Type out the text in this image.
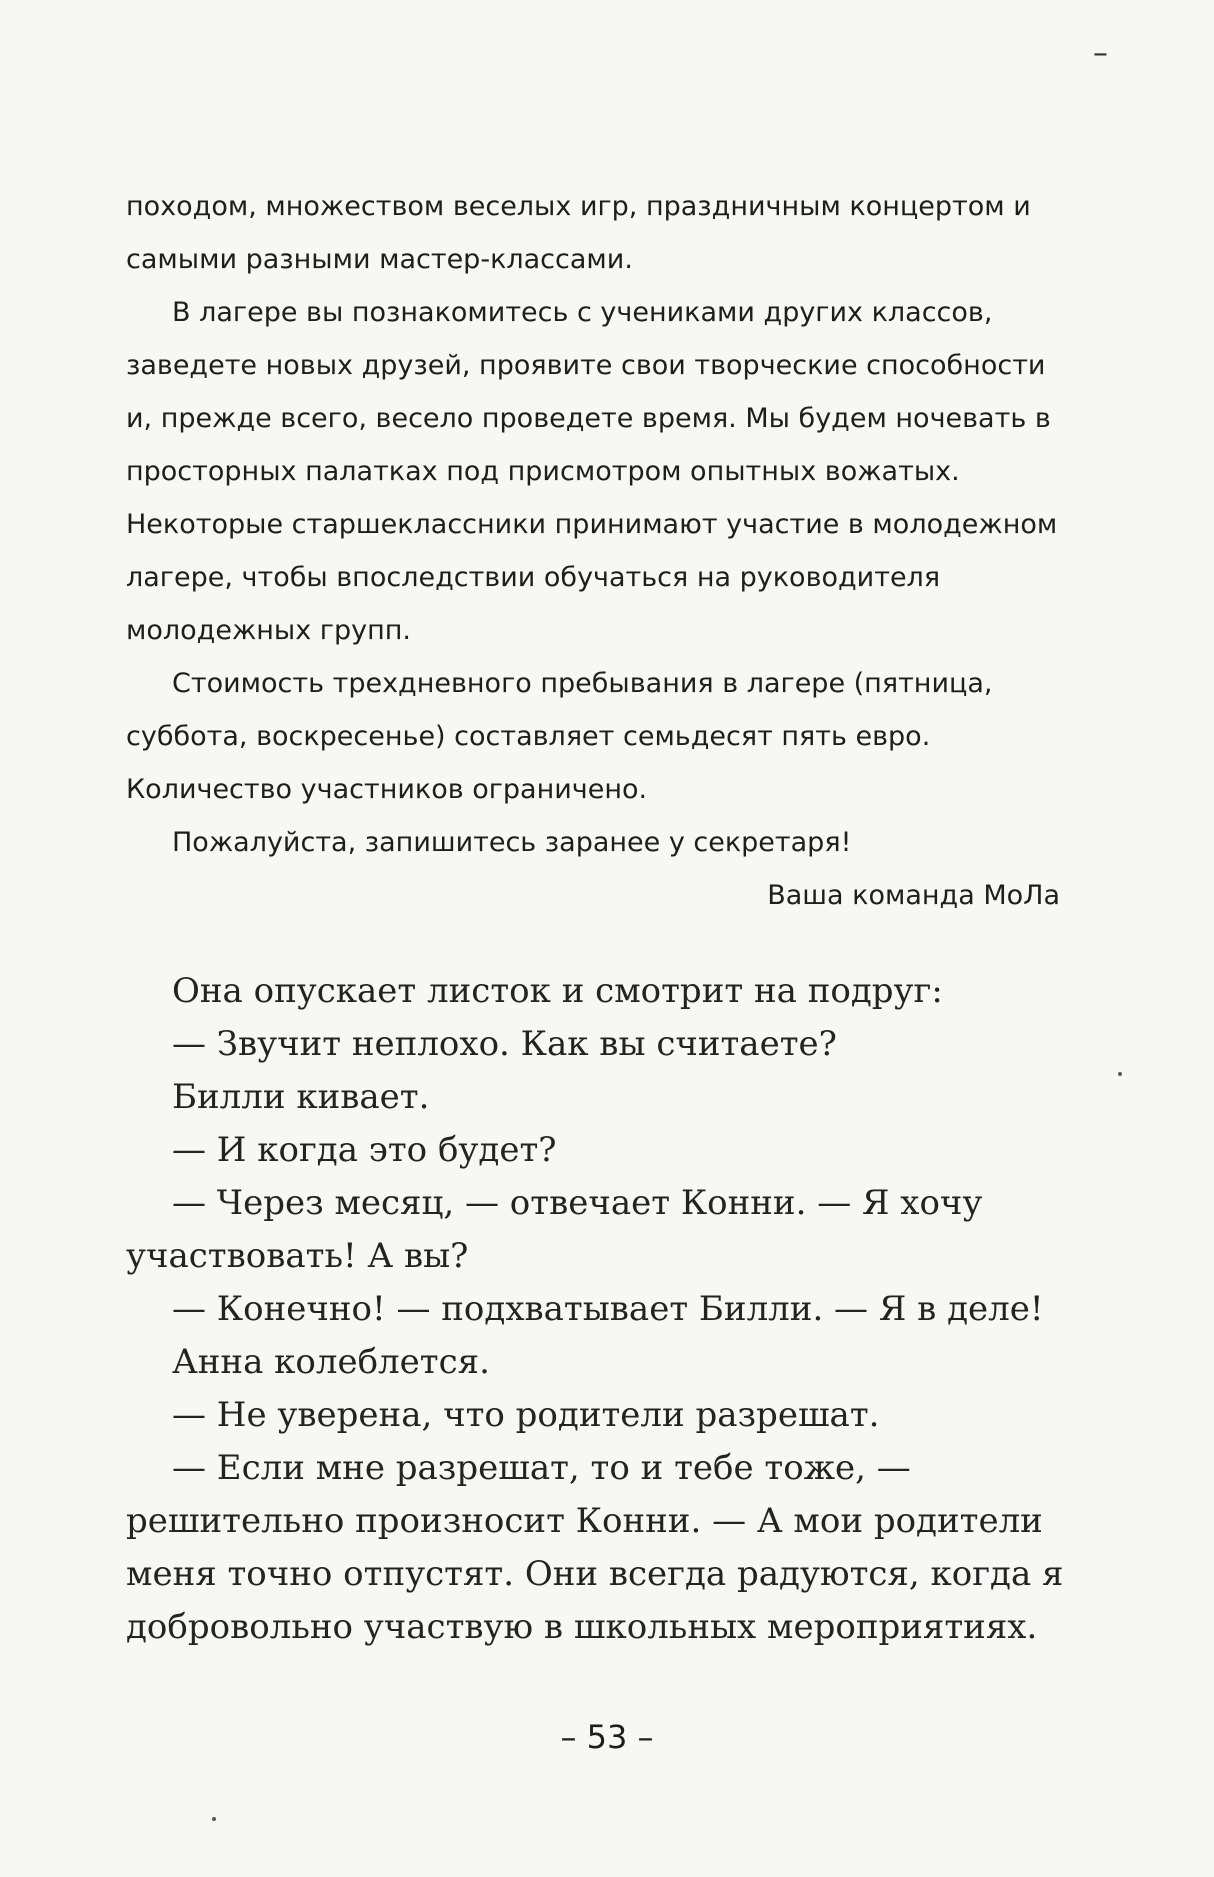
–

походом, множеством веселых игр, праздничным концертом и самыми разными мастер-классами.

В лагере вы познакомитесь с учениками других классов, заведете новых друзей, проявите свои творческие способности и, прежде всего, весело проведете время. Мы будем ночевать в просторных палатках под присмотром опытных вожатых. Некоторые старшеклассники принимают участие в молодежном лагере, чтобы впоследствии обучаться на руководителя молодежных групп.

Стоимость трехдневного пребывания в лагере (пятница, суббота, воскресенье) составляет семьдесят пять евро. Количество участников ограничено.

Пожалуйста, запишитесь заранее у секретаря!

Ваша команда МоЛа

Она опускает листок и смотрит на подруг:

— Звучит неплохо. Как вы считаете?

Билли кивает.

— И когда это будет?

— Через месяц, — отвечает Конни. — Я хочу участвовать! А вы?

— Конечно! — подхватывает Билли. — Я в деле!

Анна колеблется.

— Не уверена, что родители разрешат.

— Если мне разрешат, то и тебе тоже, — решительно произносит Конни. — А мои родители меня точно отпустят. Они всегда радуются, когда я добровольно участвую в школьных мероприятиях.

– 53 –
